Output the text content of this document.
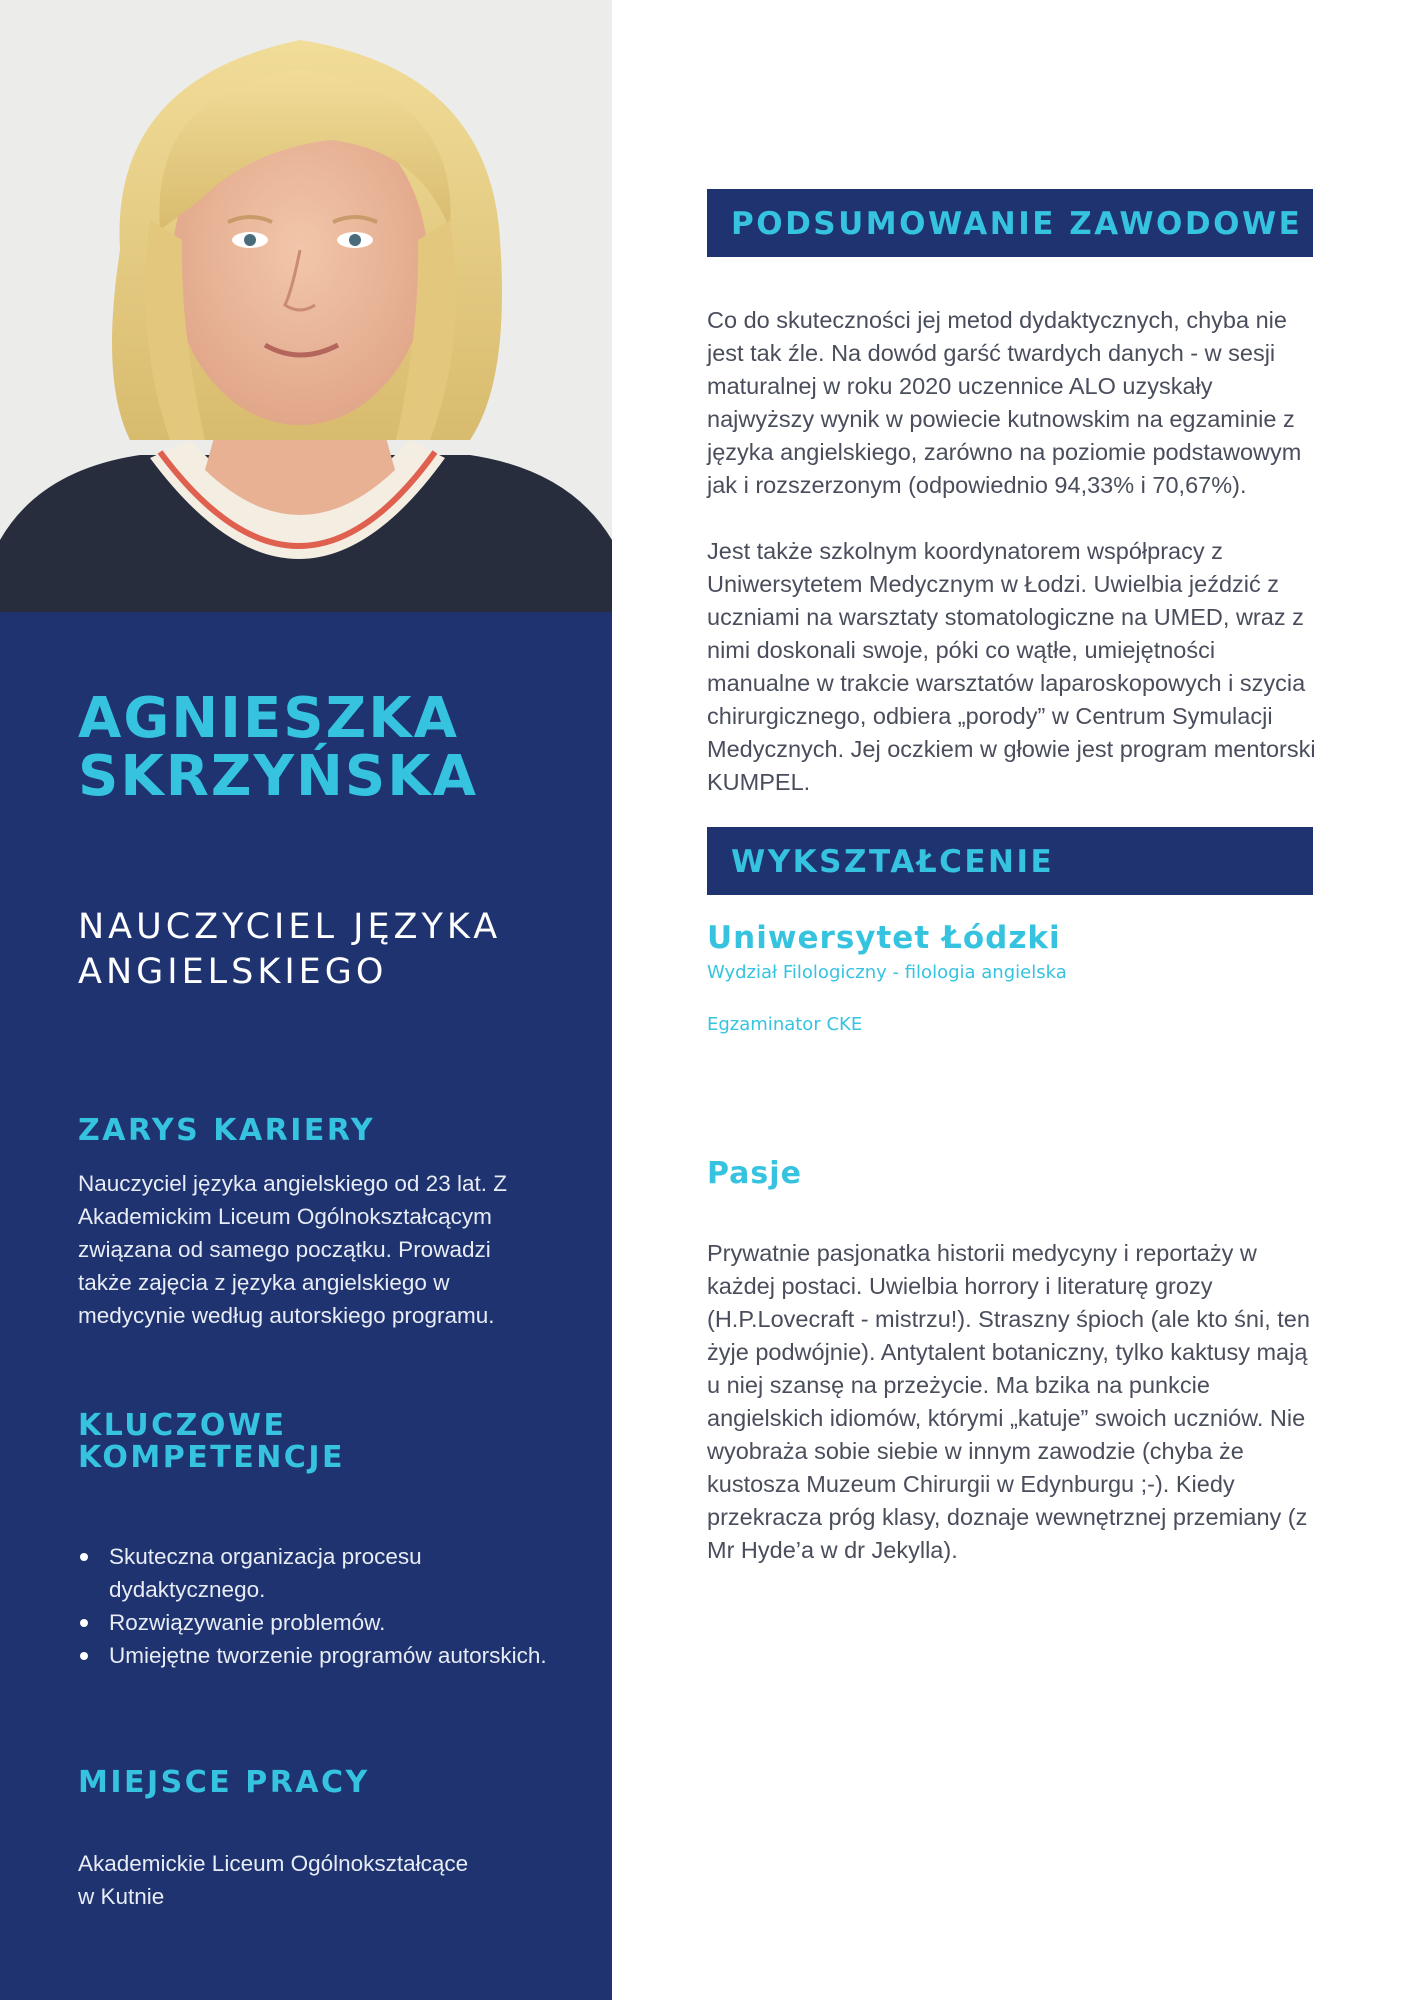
AGNIESZKA
SKRZYŃSKA

NAUCZYCIEL JĘZYKA ANGIELSKIEGO

ZARYS KARIERY

Nauczyciel języka angielskiego od 23 lat. Z Akademickim Liceum Ogólnokształcącym związana od samego początku. Prowadzi także zajęcia z języka angielskiego w medycynie według autorskiego programu.

KLUCZOWE
KOMPETENCJE
Skuteczna organizacja procesu dydaktycznego.
Rozwiązywanie problemów.
Umiejętne tworzenie programów autorskich.
MIEJSCE PRACY

Akademickie Liceum Ogólnokształcące
w Kutnie

PODSUMOWANIE ZAWODOWE

Co do skuteczności jej metod dydaktycznych, chyba nie jest tak źle. Na dowód garść twardych danych - w sesji maturalnej w roku 2020 uczennice ALO uzyskały najwyższy wynik w powiecie kutnowskim na egzaminie z języka angielskiego, zarówno na poziomie podstawowym jak i rozszerzonym (odpowiednio 94,33% i 70,67%).

Jest także szkolnym koordynatorem współpracy z Uniwersytetem Medycznym w Łodzi. Uwielbia jeździć z uczniami na warsztaty stomatologiczne na UMED, wraz z nimi doskonali swoje, póki co wątłe, umiejętności manualne w trakcie warsztatów laparoskopowych i szycia chirurgicznego, odbiera „porody” w Centrum Symulacji Medycznych. Jej oczkiem w głowie jest program mentorski KUMPEL.

WYKSZTAŁCENIE
Uniwersytet Łódzki

Wydział Filologiczny - filologia angielska

Egzaminator CKE

Pasje

Prywatnie pasjonatka historii medycyny i reportaży w każdej postaci. Uwielbia horrory i literaturę grozy (H.P.Lovecraft - mistrzu!). Straszny śpioch (ale kto śni, ten żyje podwójnie). Antytalent botaniczny, tylko kaktusy mają u niej szansę na przeżycie. Ma bzika na punkcie angielskich idiomów, którymi „katuje” swoich uczniów. Nie wyobraża sobie siebie w innym zawodzie (chyba że kustosza Muzeum Chirurgii w Edynburgu ;-). Kiedy przekracza próg klasy, doznaje wewnętrznej przemiany (z Mr Hyde’a w dr Jekylla).
